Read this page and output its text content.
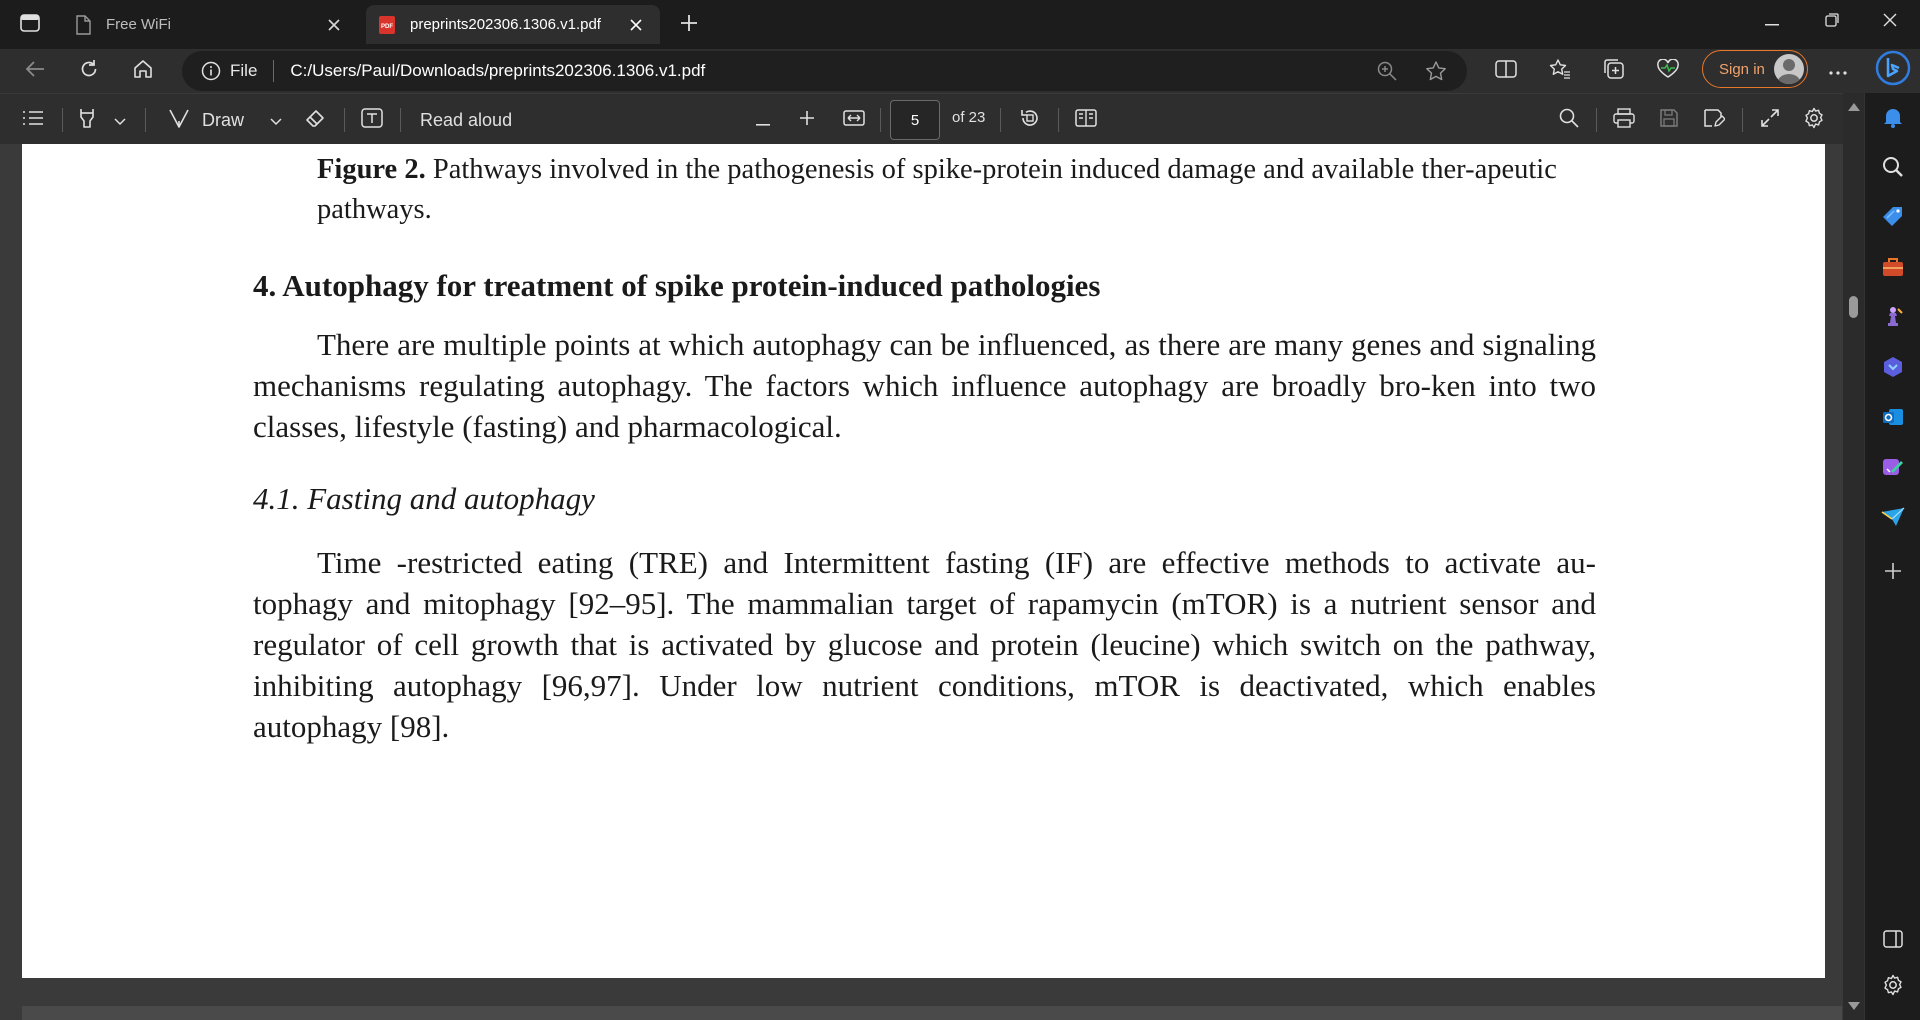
Free WiFi	PDF preprints202306.1306.v1.pdf
File C:/Users/Paul/Downloads/preprints202306.1306.v1.pdf	Sign in
Draw	Read aloud	5	of 23
Figure 2. Pathways involved in the pathogenesis of spike-protein induced damage and available ther-apeutic pathways.
4. Autophagy for treatment of spike protein-induced pathologies
There are multiple points at which autophagy can be influenced, as there are many genes and signaling mechanisms regulating autophagy. The factors which influence autophagy are broadly bro-ken into two classes, lifestyle (fasting) and pharmacological.
4.1. Fasting and autophagy
Time -restricted eating (TRE) and Intermittent fasting (IF) are effective methods to activate au-tophagy and mitophagy [92–95]. The mammalian target of rapamycin (mTOR) is a nutrient sensor and regulator of cell growth that is activated by glucose and protein (leucine) which switch on the pathway, inhibiting autophagy [96,97]. Under low nutrient conditions, mTOR is deactivated, which enables autophagy [98].
